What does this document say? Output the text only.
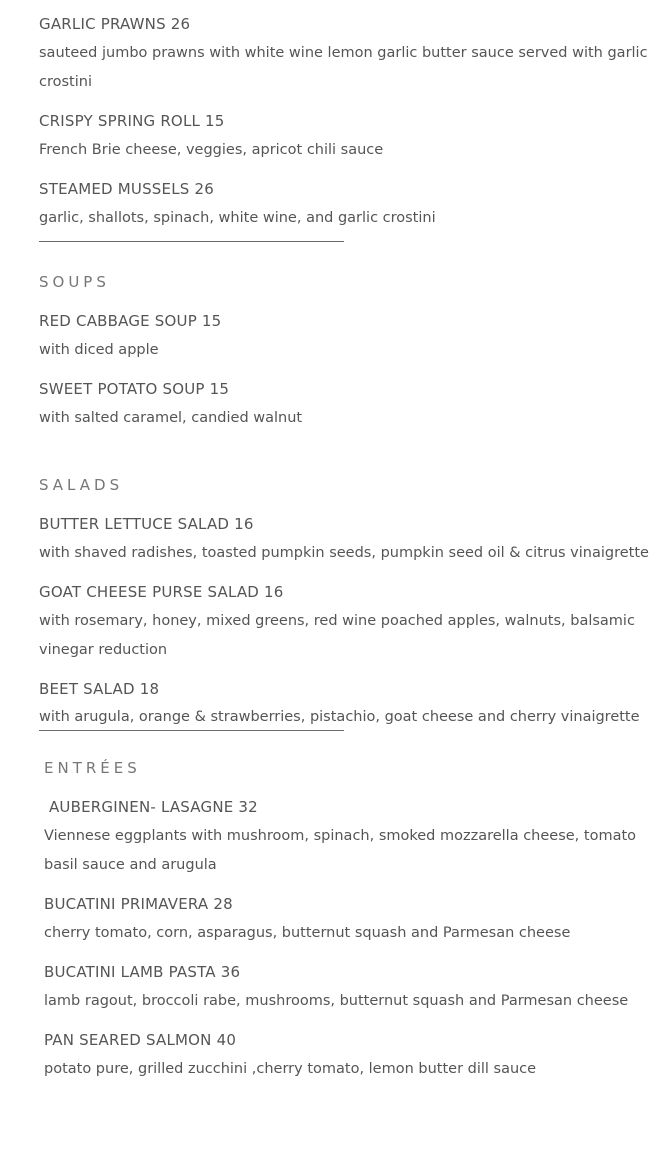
GARLIC PRAWNS 26

sauteed jumbo prawns with white wine lemon garlic butter sauce served with garlic crostini

CRISPY SPRING ROLL 15

French Brie cheese, veggies, apricot chili sauce

STEAMED MUSSELS 26

garlic, shallots, spinach, white wine, and garlic crostini

SOUPS

RED CABBAGE SOUP 15

with diced apple

SWEET POTATO SOUP 15

with salted caramel, candied walnut

SALADS

BUTTER LETTUCE SALAD 16

with shaved radishes, toasted pumpkin seeds, pumpkin seed oil & citrus vinaigrette

GOAT CHEESE PURSE SALAD 16

with rosemary, honey, mixed greens, red wine poached apples, walnuts, balsamic vinegar reduction

BEET SALAD 18

with arugula, orange & strawberries, pistachio, goat cheese and cherry vinaigrette

ENTRÉES

AUBERGINEN- LASAGNE 32

Viennese eggplants with mushroom, spinach, smoked mozzarella cheese, tomato basil sauce and arugula

BUCATINI PRIMAVERA 28

cherry tomato, corn, asparagus, butternut squash and Parmesan cheese

BUCATINI LAMB PASTA 36

lamb ragout, broccoli rabe, mushrooms, butternut squash and Parmesan cheese

PAN SEARED SALMON 40

potato pure, grilled zucchini ,cherry tomato, lemon butter dill sauce
